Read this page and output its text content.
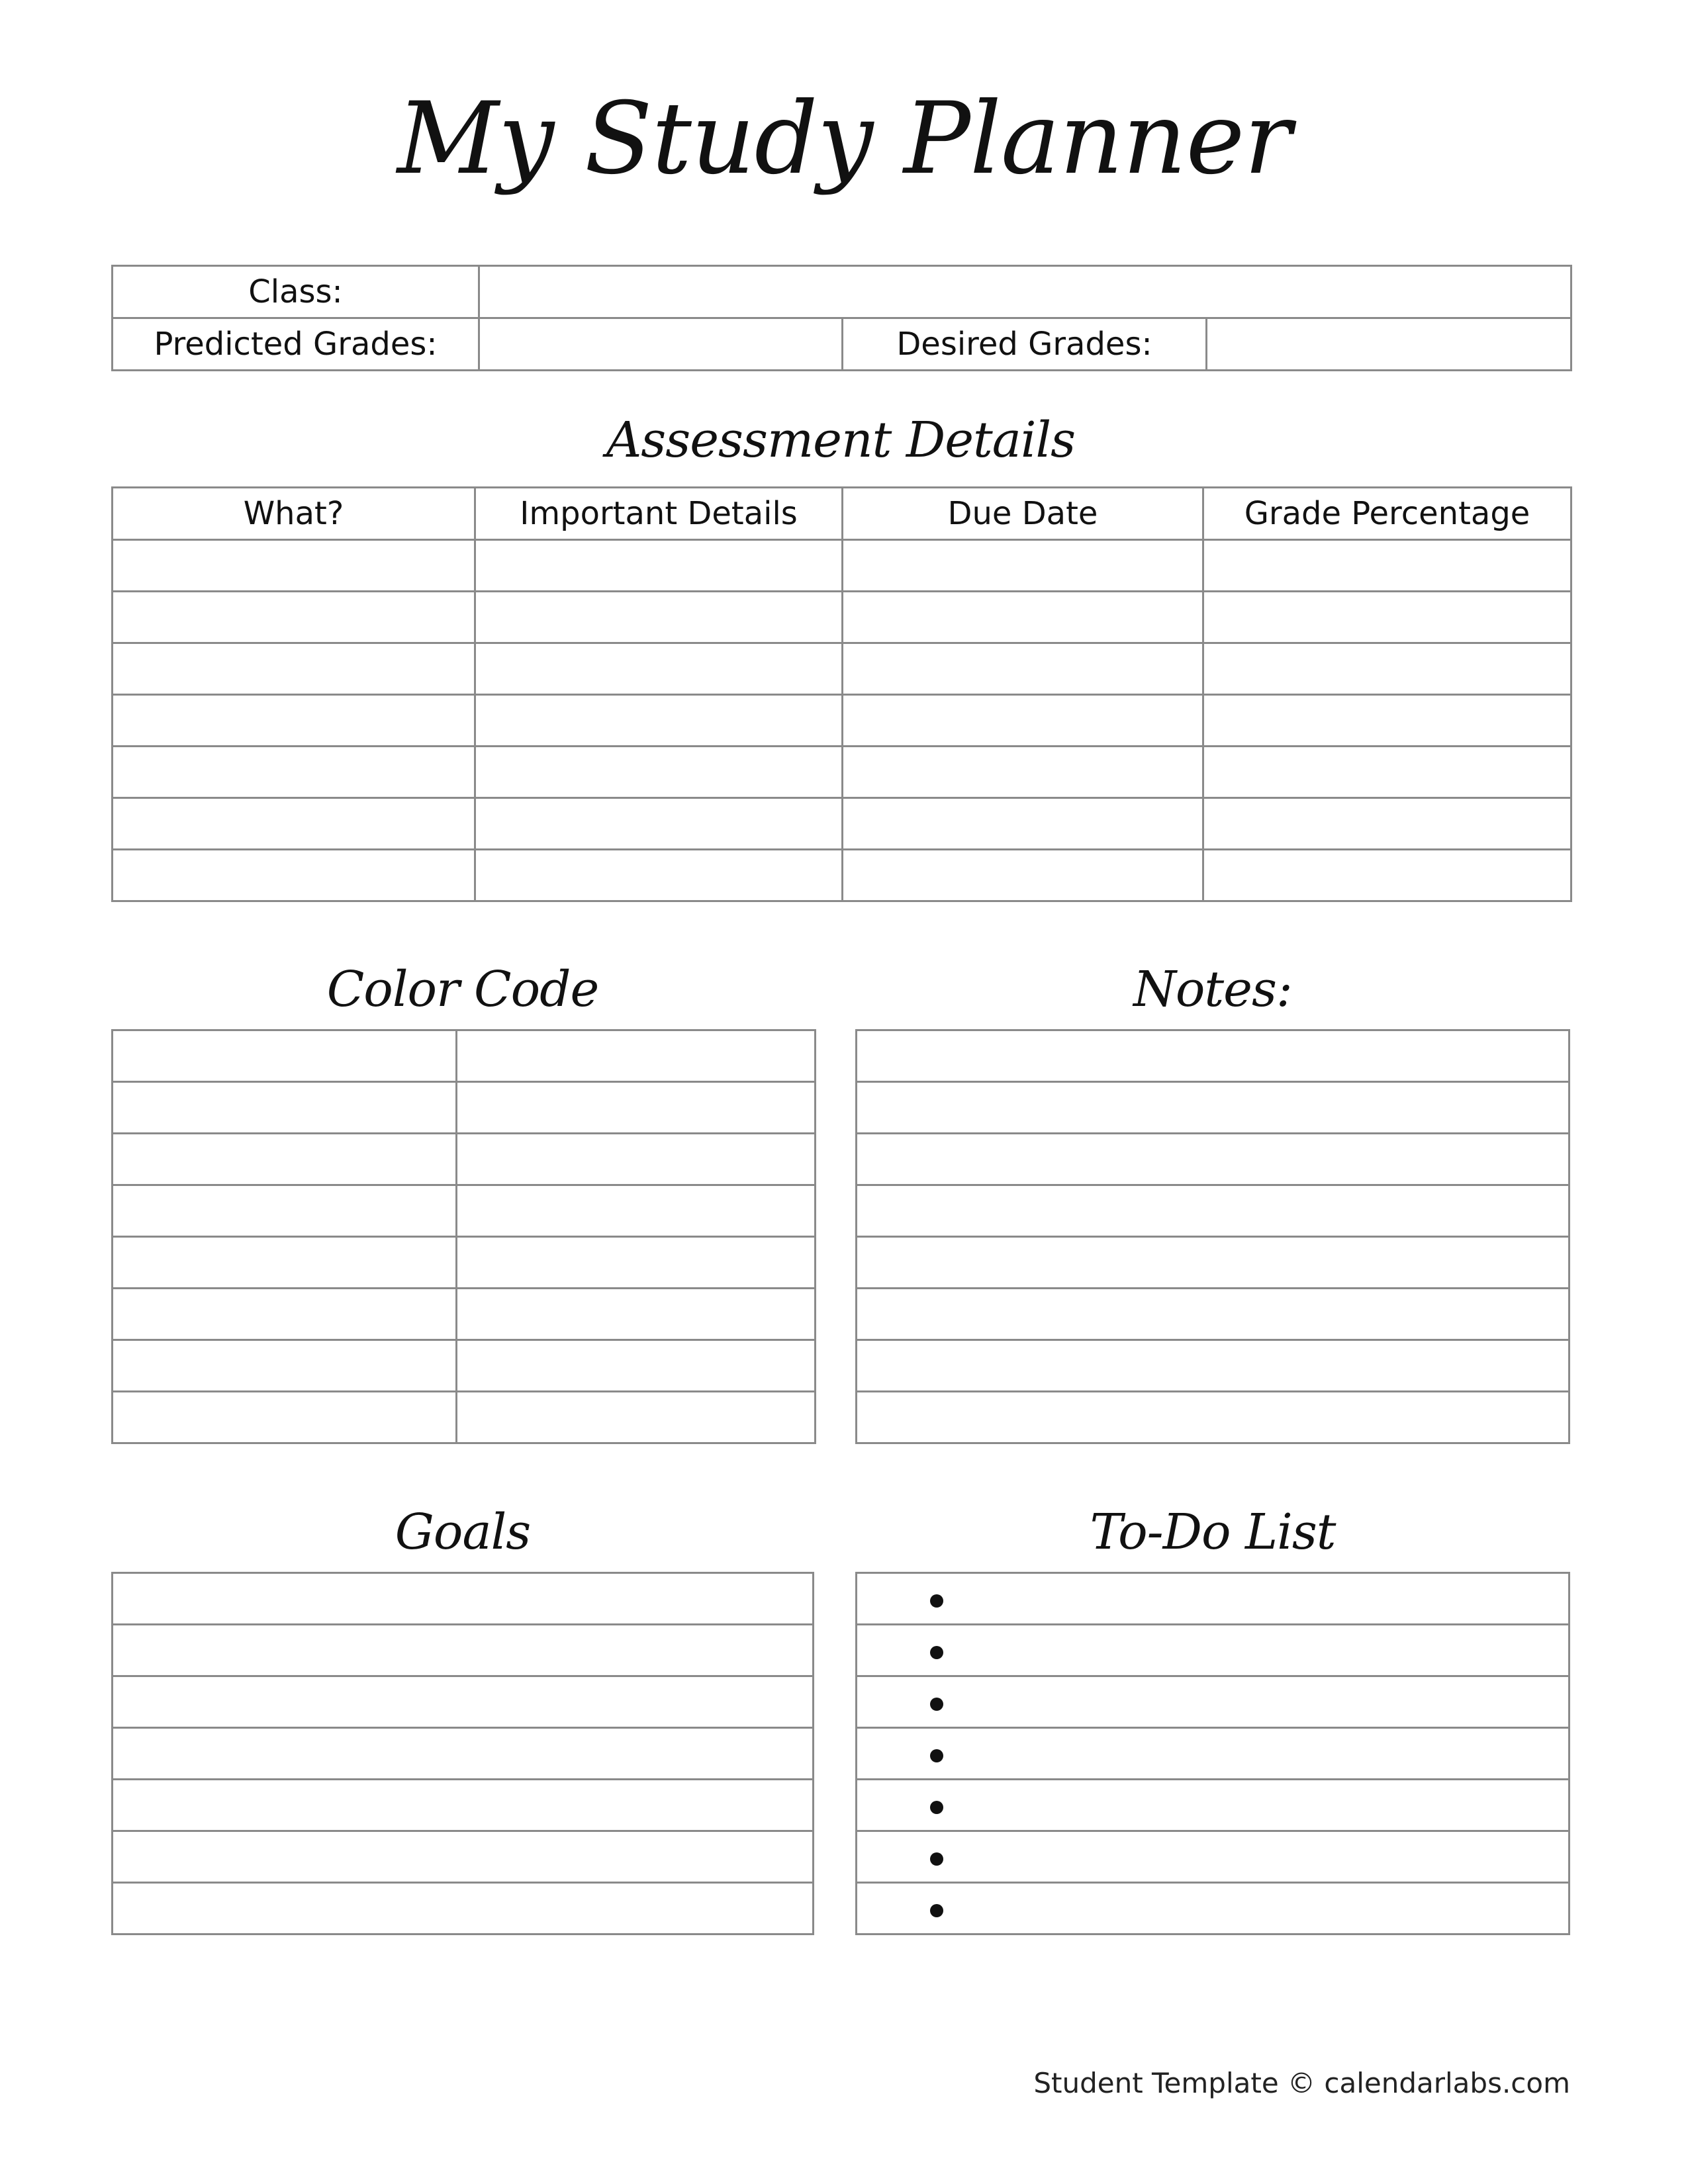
My Study Planner
Class:			
Predicted Grades:		Desired Grades:	
Assessment Details
What?	Important Details	Due Date	Grade Percentage

Color Code	Notes:

Goals	To-Do List

Student Template © calendarlabs.com
